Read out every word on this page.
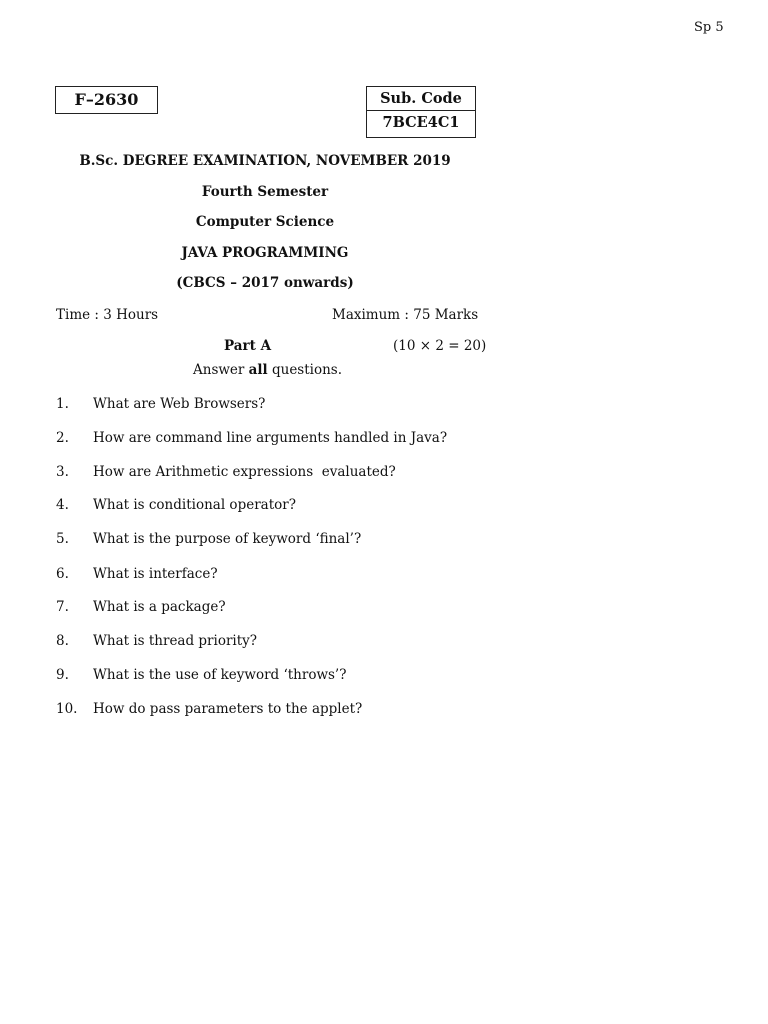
Sp 5
F–2630	Sub. Code
7BCE4C1
B.Sc. DEGREE EXAMINATION, NOVEMBER 2019
Fourth Semester
Computer Science
JAVA PROGRAMMING
(CBCS – 2017 onwards)
Time : 3 Hours	Maximum : 75 Marks
Part A	(10 × 2 = 20)
Answer all questions.
1. What are Web Browsers?
2. How are command line arguments handled in Java?
3. How are Arithmetic expressions  evaluated?
4. What is conditional operator?
5. What is the purpose of keyword ‘final’?
6. What is interface?
7. What is a package?
8. What is thread priority?
9. What is the use of keyword ‘throws’?
10. How do pass parameters to the applet?
